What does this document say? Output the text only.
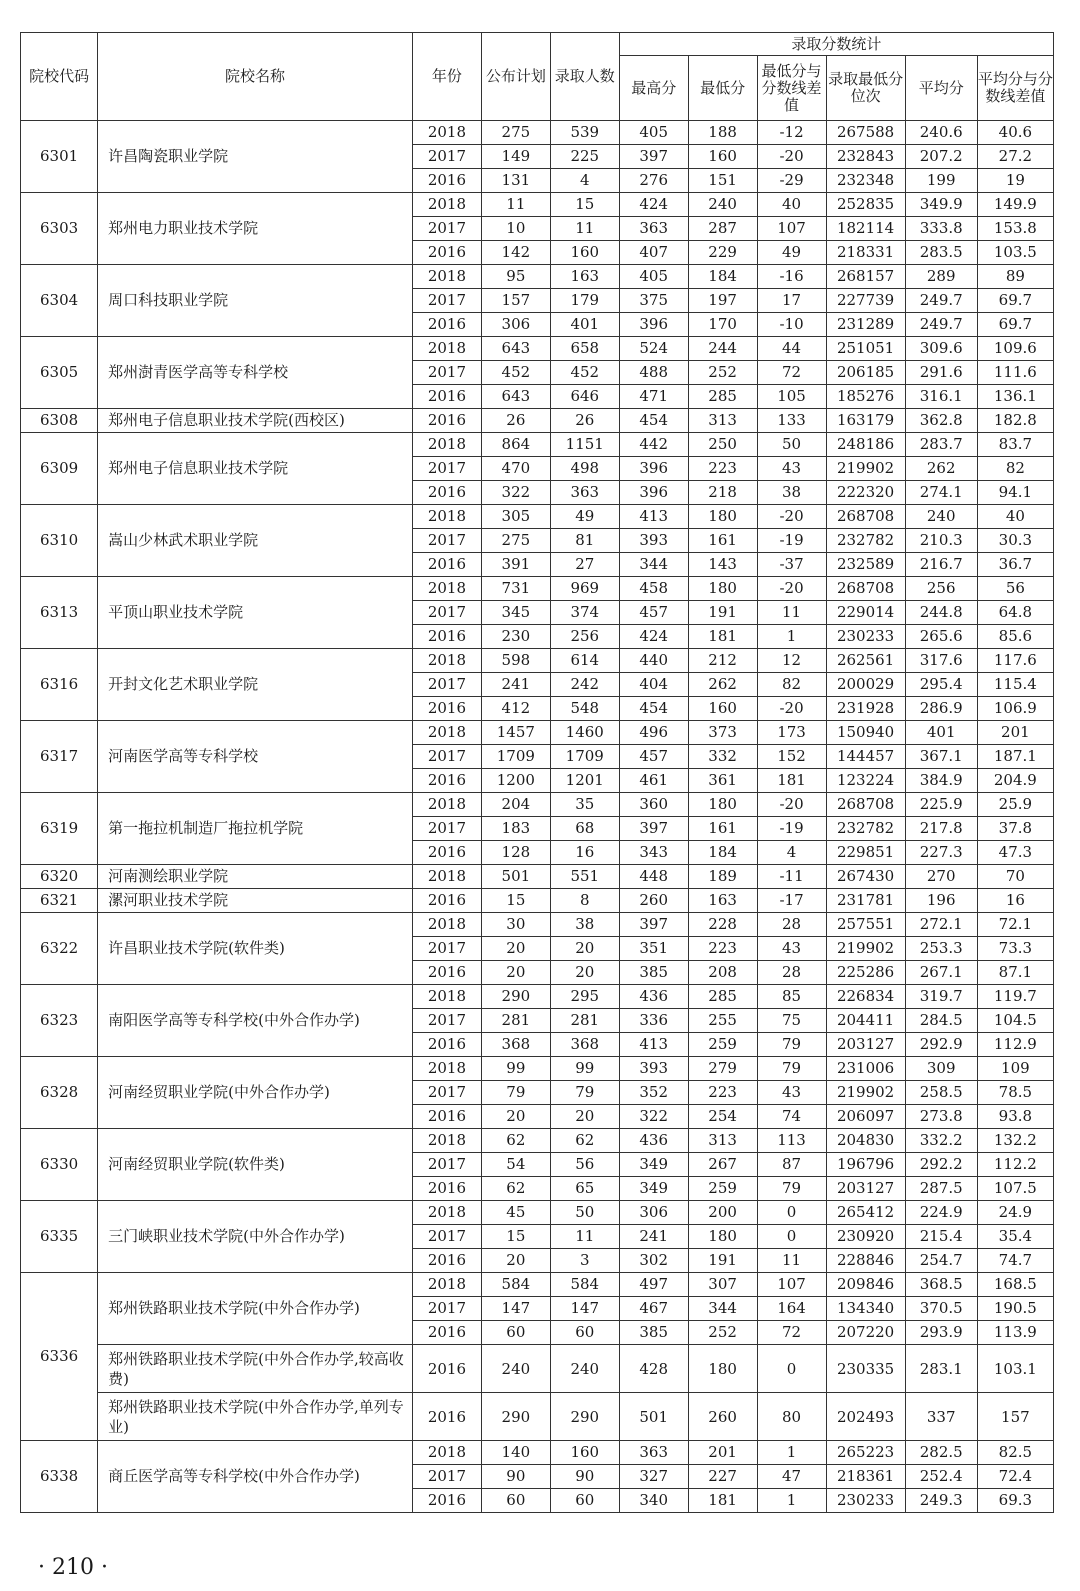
院校代码	院校名称	年份	公布计划	录取人数	录取分数统计					
					最高分	最低分	最低分与分数线差值	录取最低分位次	平均分	平均分与分数线差值
6301	许昌陶瓷职业学院	2018	275	539	405	188	-12	267588	240.6	40.6
		2017	149	225	397	160	-20	232843	207.2	27.2
		2016	131	4	276	151	-29	232348	199	19
6303	郑州电力职业技术学院	2018	11	15	424	240	40	252835	349.9	149.9
		2017	10	11	363	287	107	182114	333.8	153.8
		2016	142	160	407	229	49	218331	283.5	103.5
6304	周口科技职业学院	2018	95	163	405	184	-16	268157	289	89
		2017	157	179	375	197	17	227739	249.7	69.7
		2016	306	401	396	170	-10	231289	249.7	69.7
6305	郑州澍青医学高等专科学校	2018	643	658	524	244	44	251051	309.6	109.6
		2017	452	452	488	252	72	206185	291.6	111.6
		2016	643	646	471	285	105	185276	316.1	136.1
6308	郑州电子信息职业技术学院(西校区)	2016	26	26	454	313	133	163179	362.8	182.8
6309	郑州电子信息职业技术学院	2018	864	1151	442	250	50	248186	283.7	83.7
		2017	470	498	396	223	43	219902	262	82
		2016	322	363	396	218	38	222320	274.1	94.1
6310	嵩山少林武术职业学院	2018	305	49	413	180	-20	268708	240	40
		2017	275	81	393	161	-19	232782	210.3	30.3
		2016	391	27	344	143	-37	232589	216.7	36.7
6313	平顶山职业技术学院	2018	731	969	458	180	-20	268708	256	56
		2017	345	374	457	191	11	229014	244.8	64.8
		2016	230	256	424	181	1	230233	265.6	85.6
6316	开封文化艺术职业学院	2018	598	614	440	212	12	262561	317.6	117.6
		2017	241	242	404	262	82	200029	295.4	115.4
		2016	412	548	454	160	-20	231928	286.9	106.9
6317	河南医学高等专科学校	2018	1457	1460	496	373	173	150940	401	201
		2017	1709	1709	457	332	152	144457	367.1	187.1
		2016	1200	1201	461	361	181	123224	384.9	204.9
6319	第一拖拉机制造厂拖拉机学院	2018	204	35	360	180	-20	268708	225.9	25.9
		2017	183	68	397	161	-19	232782	217.8	37.8
		2016	128	16	343	184	4	229851	227.3	47.3
6320	河南测绘职业学院	2018	501	551	448	189	-11	267430	270	70
6321	漯河职业技术学院	2016	15	8	260	163	-17	231781	196	16
6322	许昌职业技术学院(软件类)	2018	30	38	397	228	28	257551	272.1	72.1
		2017	20	20	351	223	43	219902	253.3	73.3
		2016	20	20	385	208	28	225286	267.1	87.1
6323	南阳医学高等专科学校(中外合作办学)	2018	290	295	436	285	85	226834	319.7	119.7
		2017	281	281	336	255	75	204411	284.5	104.5
		2016	368	368	413	259	79	203127	292.9	112.9
6328	河南经贸职业学院(中外合作办学)	2018	99	99	393	279	79	231006	309	109
		2017	79	79	352	223	43	219902	258.5	78.5
		2016	20	20	322	254	74	206097	273.8	93.8
6330	河南经贸职业学院(软件类)	2018	62	62	436	313	113	204830	332.2	132.2
		2017	54	56	349	267	87	196796	292.2	112.2
		2016	62	65	349	259	79	203127	287.5	107.5
6335	三门峡职业技术学院(中外合作办学)	2018	45	50	306	200	0	265412	224.9	24.9
		2017	15	11	241	180	0	230920	215.4	35.4
		2016	20	3	302	191	11	228846	254.7	74.7
6336	郑州铁路职业技术学院(中外合作办学)	2018	584	584	497	307	107	209846	368.5	168.5
		2017	147	147	467	344	164	134340	370.5	190.5
		2016	60	60	385	252	72	207220	293.9	113.9
	郑州铁路职业技术学院(中外合作办学,较高收费)	2016	240	240	428	180	0	230335	283.1	103.1
	郑州铁路职业技术学院(中外合作办学,单列专业)	2016	290	290	501	260	80	202493	337	157
6338	商丘医学高等专科学校(中外合作办学)	2018	140	160	363	201	1	265223	282.5	82.5
		2017	90	90	327	227	47	218361	252.4	72.4
		2016	60	60	340	181	1	230233	249.3	69.3
· 210 ·
